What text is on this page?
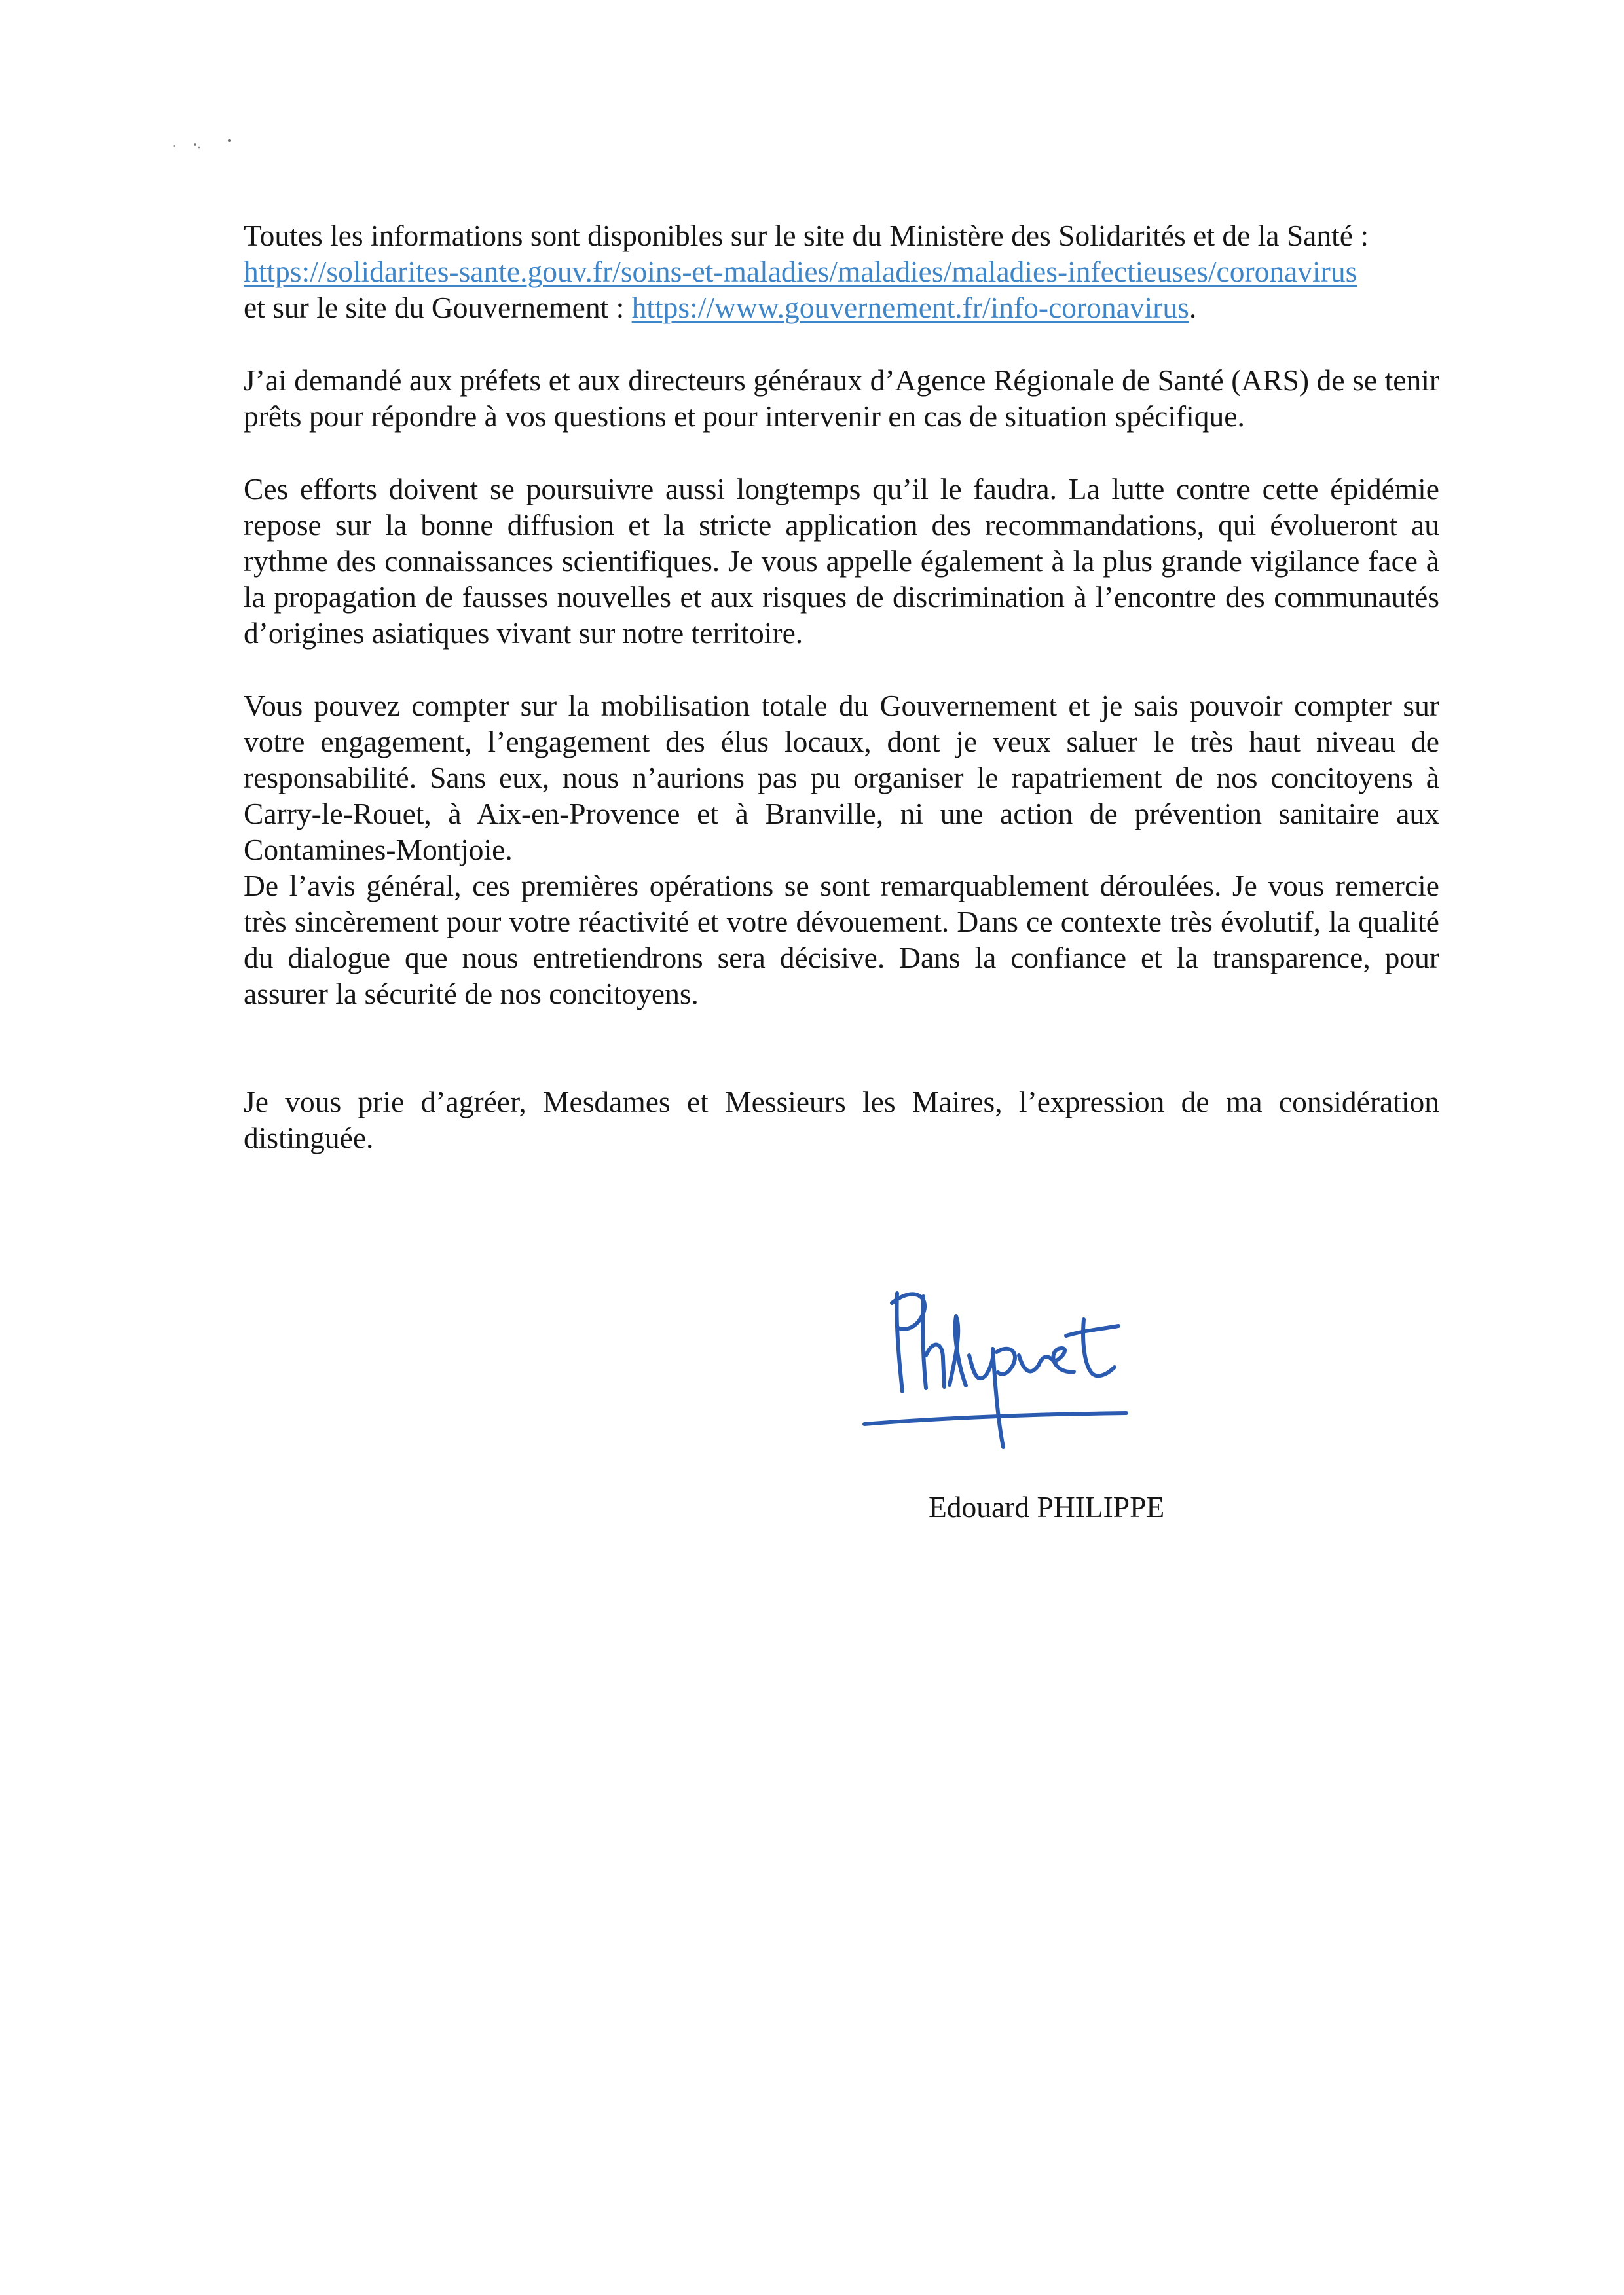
Toutes les informations sont disponibles sur le site du Ministère des Solidarités et de la Santé :
https://solidarites-sante.gouv.fr/soins-et-maladies/maladies/maladies-infectieuses/coronavirus
et sur le site du Gouvernement : https://www.gouvernement.fr/info-coronavirus.

J’ai demandé aux préfets et aux directeurs généraux d’Agence Régionale de Santé (ARS) de se tenir prêts pour répondre à vos questions et pour intervenir en cas de situation spécifique.

Ces efforts doivent se poursuivre aussi longtemps qu’il le faudra. La lutte contre cette épidémie repose sur la bonne diffusion et la stricte application des recommandations, qui évolueront au rythme des connaissances scientifiques. Je vous appelle également à la plus grande vigilance face à la propagation de fausses nouvelles et aux risques de discrimination à l’encontre des communautés d’origines asiatiques vivant sur notre territoire.

Vous pouvez compter sur la mobilisation totale du Gouvernement et je sais pouvoir compter sur votre engagement, l’engagement des élus locaux, dont je veux saluer le très haut niveau de responsabilité. Sans eux, nous n’aurions pas pu organiser le rapatriement de nos concitoyens à Carry-le-Rouet, à Aix-en-Provence et à Branville, ni une action de prévention sanitaire aux Contamines-Montjoie.

De l’avis général, ces premières opérations se sont remarquablement déroulées. Je vous remercie très sincèrement pour votre réactivité et votre dévouement. Dans ce contexte très évolutif, la qualité du dialogue que nous entretiendrons sera décisive. Dans la confiance et la transparence, pour assurer la sécurité de nos concitoyens.

Je vous prie d’agréer, Mesdames et Messieurs les Maires, l’expression de ma considération distinguée.

Edouard PHILIPPE
